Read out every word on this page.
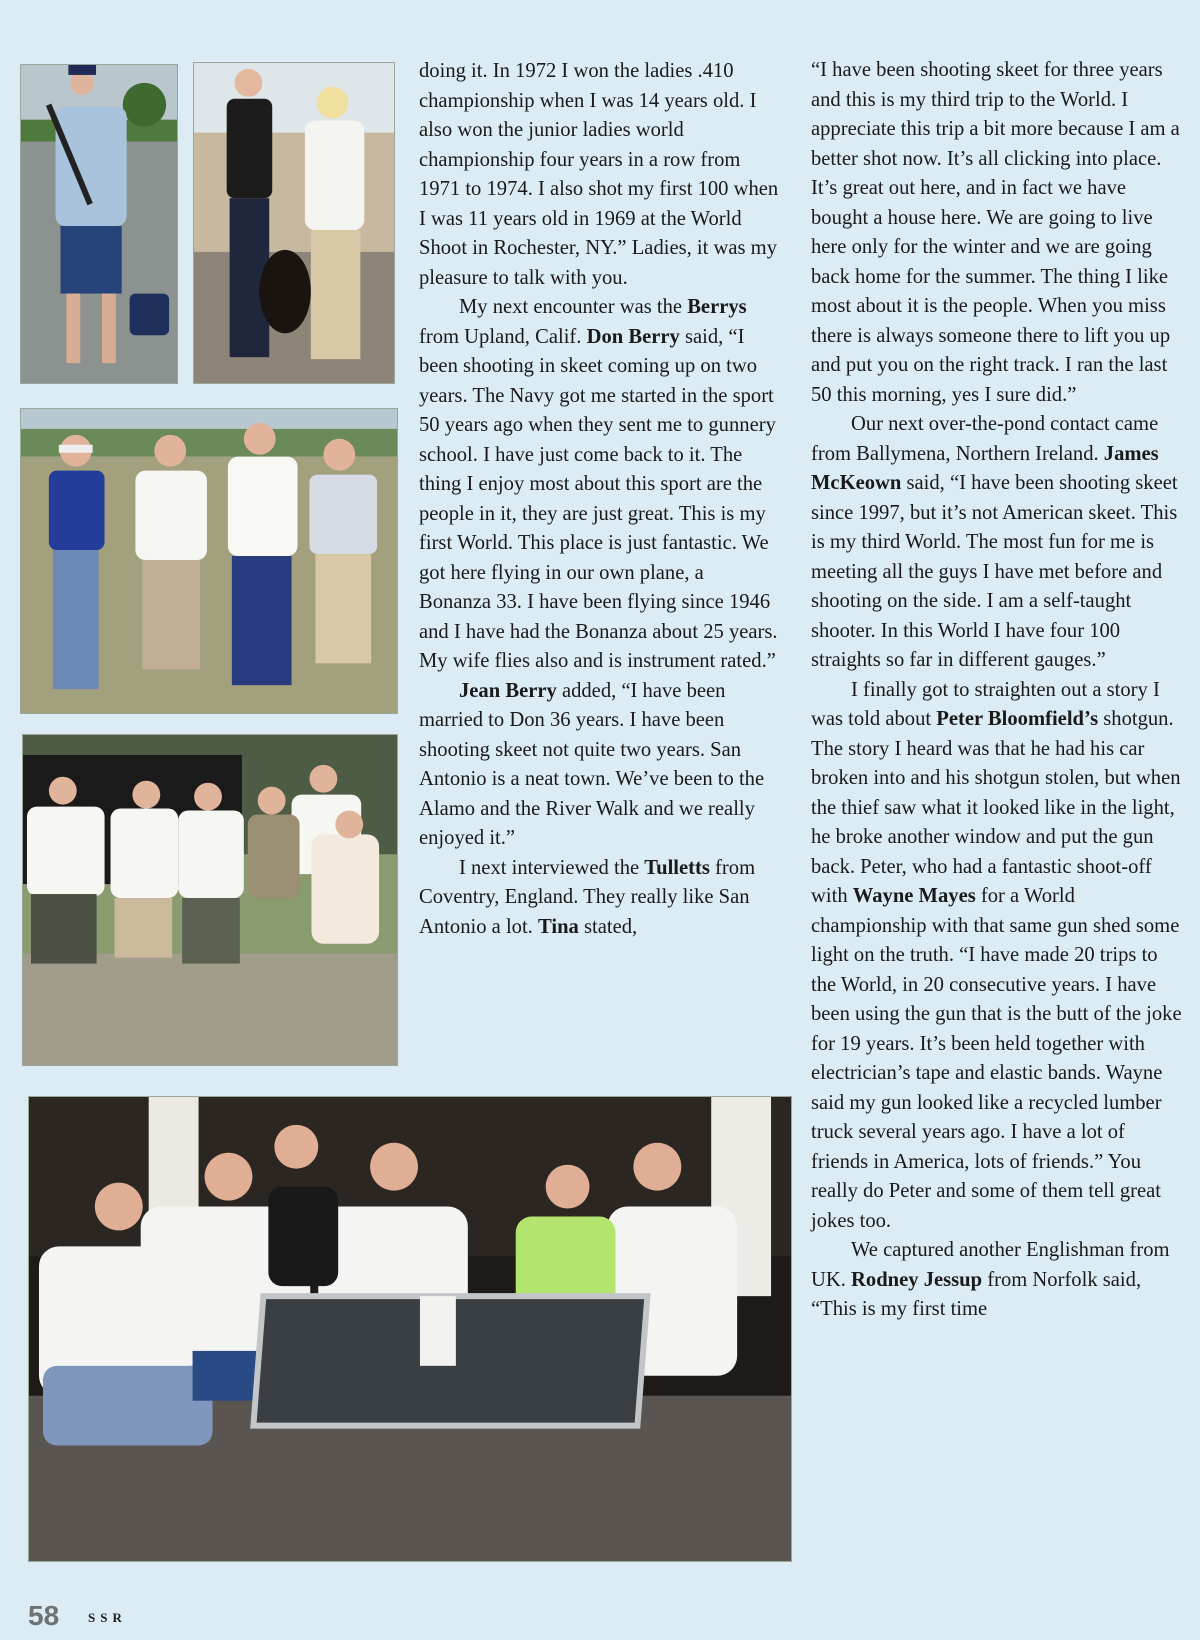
doing it. In 1972 I won the ladies .410 championship when I was 14 years old. I also won the junior ladies world championship four years in a row from 1971 to 1974. I also shot my first 100 when I was 11 years old in 1969 at the World Shoot in Rochester, NY.” Ladies, it was my pleasure to talk with you.

My next encounter was the Berrys from Upland, Calif. Don Berry said, “I been shooting in skeet coming up on two years. The Navy got me started in the sport 50 years ago when they sent me to gunnery school. I have just come back to it. The thing I enjoy most about this sport are the people in it, they are just great. This is my first World. This place is just fantastic. We got here flying in our own plane, a Bonanza 33. I have been flying since 1946 and I have had the Bonanza about 25 years. My wife flies also and is instrument rated.”

Jean Berry added, “I have been married to Don 36 years. I have been shooting skeet not quite two years. San Antonio is a neat town. We’ve been to the Alamo and the River Walk and we really enjoyed it.”

I next interviewed the Tulletts from Coventry, England. They really like San Antonio a lot. Tina stated,

“I have been shooting skeet for three years and this is my third trip to the World. I appreciate this trip a bit more because I am a better shot now. It’s all clicking into place. It’s great out here, and in fact we have bought a house here. We are going to live here only for the winter and we are going back home for the summer. The thing I like most about it is the people. When you miss there is always someone there to lift you up and put you on the right track. I ran the last 50 this morning, yes I sure did.”

Our next over-the-pond contact came from Ballymena, Northern Ireland. James McKeown said, “I have been shooting skeet since 1997, but it’s not American skeet. This is my third World. The most fun for me is meeting all the guys I have met before and shooting on the side. I am a self-taught shooter. In this World I have four 100 straights so far in different gauges.”

I finally got to straighten out a story I was told about Peter Bloomfield’s shotgun. The story I heard was that he had his car broken into and his shotgun stolen, but when the thief saw what it looked like in the light, he broke another window and put the gun back. Peter, who had a fantastic shoot-off with Wayne Mayes for a World championship with that same gun shed some light on the truth. “I have made 20 trips to the World, in 20 consecutive years. I have been using the gun that is the butt of the joke for 19 years. It’s been held together with electrician’s tape and elastic bands. Wayne said my gun looked like a recycled lumber truck several years ago. I have a lot of friends in America, lots of friends.” You really do Peter and some of them tell great jokes too.

We captured another Englishman from UK. Rodney Jessup from Norfolk said, “This is my first time

58 SSR
